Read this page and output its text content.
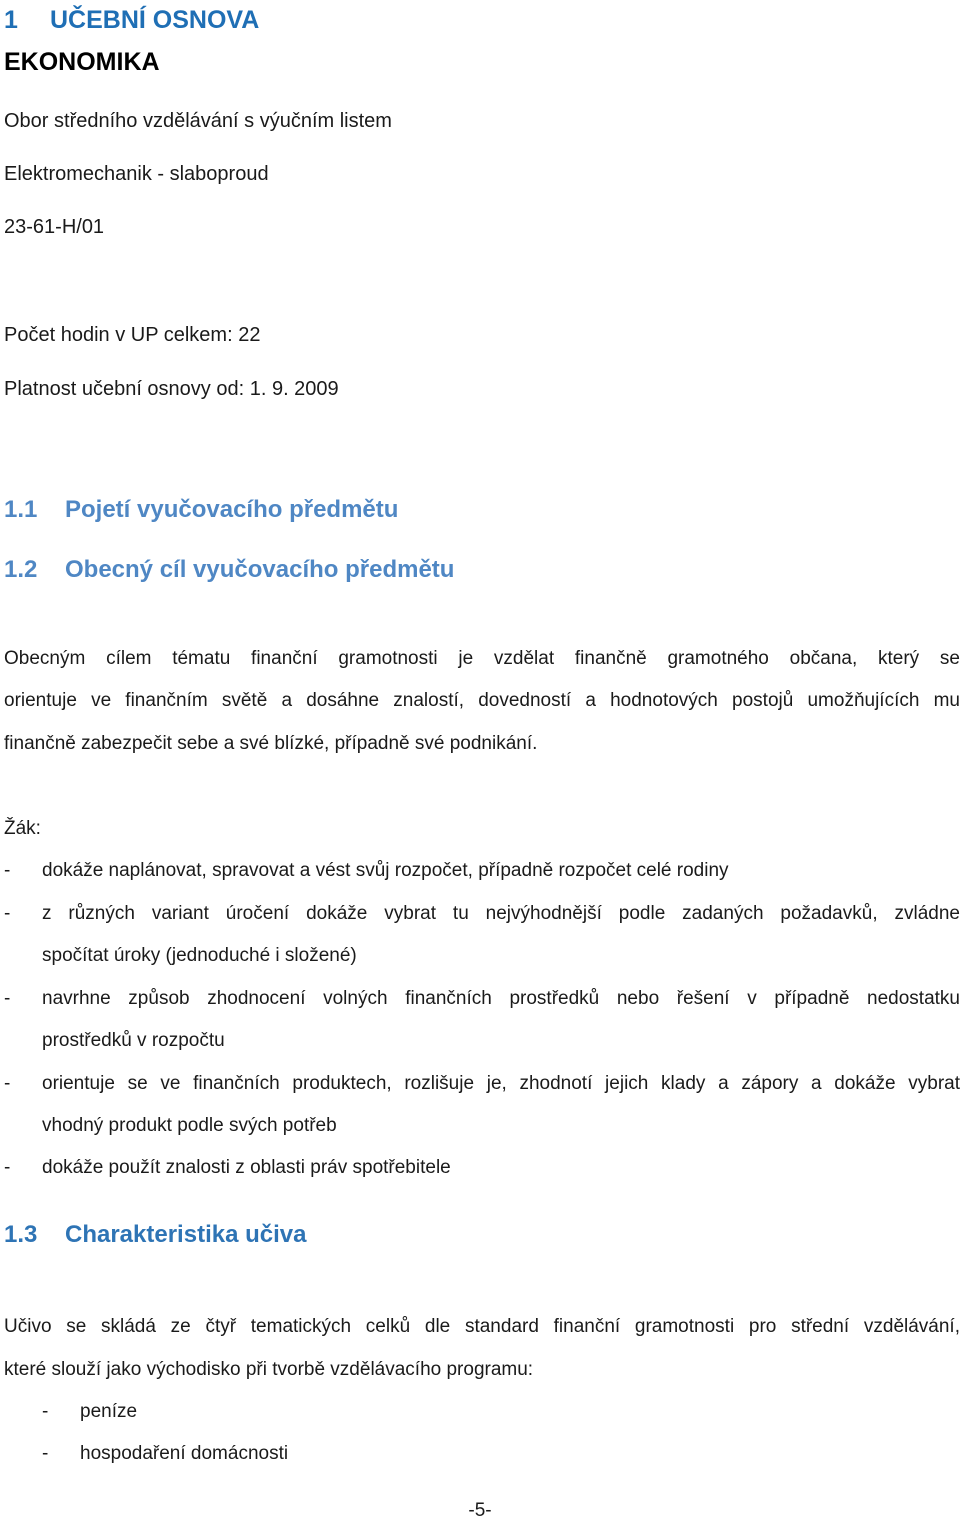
1 UČEBNÍ OSNOVA
EKONOMIKA
Obor středního vzdělávání s výučním listem
Elektromechanik - slaboproud
23-61-H/01
Počet hodin v UP celkem: 22
Platnost učební osnovy od: 1. 9. 2009
1.1 Pojetí vyučovacího předmětu
1.2 Obecný cíl vyučovacího předmětu
Obecným cílem tématu finanční gramotnosti je vzdělat finančně gramotného občana, který se
orientuje ve finančním světě a dosáhne znalostí, dovedností a hodnotových postojů umožňujících mu
finančně zabezpečit sebe a své blízké, případně své podnikání.
Žák:
- dokáže naplánovat, spravovat a vést svůj rozpočet, případně rozpočet celé rodiny
- z různých variant úročení dokáže vybrat tu nejvýhodnější podle zadaných požadavků, zvládne
spočítat úroky (jednoduché i složené)
- navrhne způsob zhodnocení volných finančních prostředků nebo řešení v případně nedostatku
prostředků v rozpočtu
- orientuje se ve finančních produktech, rozlišuje je, zhodnotí jejich klady a zápory a dokáže vybrat
vhodný produkt podle svých potřeb
- dokáže použít znalosti z oblasti práv spotřebitele
1.3 Charakteristika učiva
Učivo se skládá ze čtyř tematických celků dle standard finanční gramotnosti pro střední vzdělávání,
které slouží jako východisko při tvorbě vzdělávacího programu:
- peníze
- hospodaření domácnosti
-5-
